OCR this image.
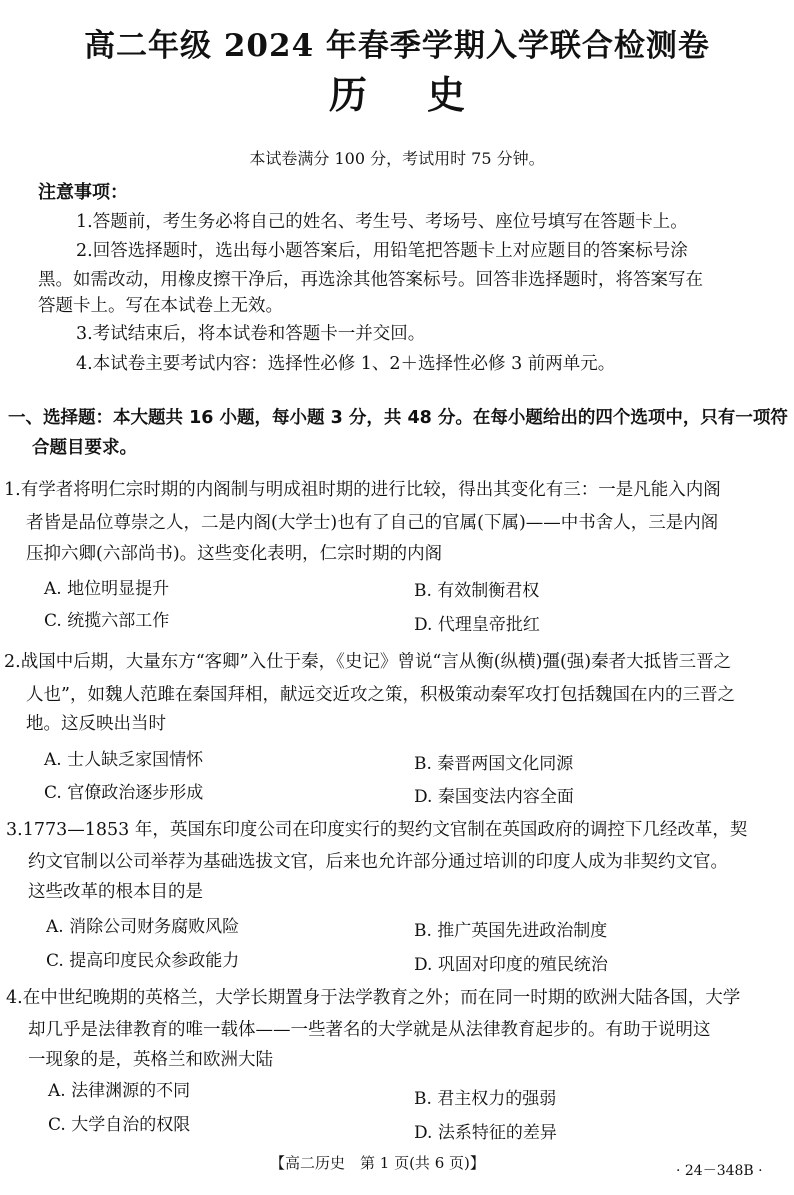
高二年级 2024 年春季学期入学联合检测卷
历史
本试卷满分 100 分，考试用时 75 分钟。
注意事项：
1.答题前，考生务必将自己的姓名、考生号、考场号、座位号填写在答题卡上。
2.回答选择题时，选出每小题答案后，用铅笔把答题卡上对应题目的答案标号涂
黑。如需改动，用橡皮擦干净后，再选涂其他答案标号。回答非选择题时，将答案写在
答题卡上。写在本试卷上无效。
3.考试结束后，将本试卷和答题卡一并交回。
4.本试卷主要考试内容：选择性必修 1、2＋选择性必修 3 前两单元。
一、选择题：本大题共 16 小题，每小题 3 分，共 48 分。在每小题给出的四个选项中，只有一项符
合题目要求。
1.有学者将明仁宗时期的内阁制与明成祖时期的进行比较，得出其变化有三：一是凡能入内阁
者皆是品位尊崇之人，二是内阁(大学士)也有了自己的官属(下属)——中书舍人，三是内阁
压抑六卿(六部尚书)。这些变化表明，仁宗时期的内阁
A. 地位明显提升	B. 有效制衡君权
C. 统揽六部工作	D. 代理皇帝批红
2.战国中后期，大量东方“客卿”入仕于秦，《史记》曾说“言从衡(纵横)彊(强)秦者大抵皆三晋之
人也”，如魏人范雎在秦国拜相，献远交近攻之策，积极策动秦军攻打包括魏国在内的三晋之
地。这反映出当时
A. 士人缺乏家国情怀	B. 秦晋两国文化同源
C. 官僚政治逐步形成	D. 秦国变法内容全面
3.1773—1853 年，英国东印度公司在印度实行的契约文官制在英国政府的调控下几经改革，契
约文官制以公司举荐为基础选拔文官，后来也允许部分通过培训的印度人成为非契约文官。
这些改革的根本目的是
A. 消除公司财务腐败风险	B. 推广英国先进政治制度
C. 提高印度民众参政能力	D. 巩固对印度的殖民统治
4.在中世纪晚期的英格兰，大学长期置身于法学教育之外；而在同一时期的欧洲大陆各国，大学
却几乎是法律教育的唯一载体——一些著名的大学就是从法律教育起步的。有助于说明这
一现象的是，英格兰和欧洲大陆
A. 法律渊源的不同	B. 君主权力的强弱
C. 大学自治的权限	D. 法系特征的差异
【高二历史　第 1 页(共 6 页)】	· 24－348B ·
